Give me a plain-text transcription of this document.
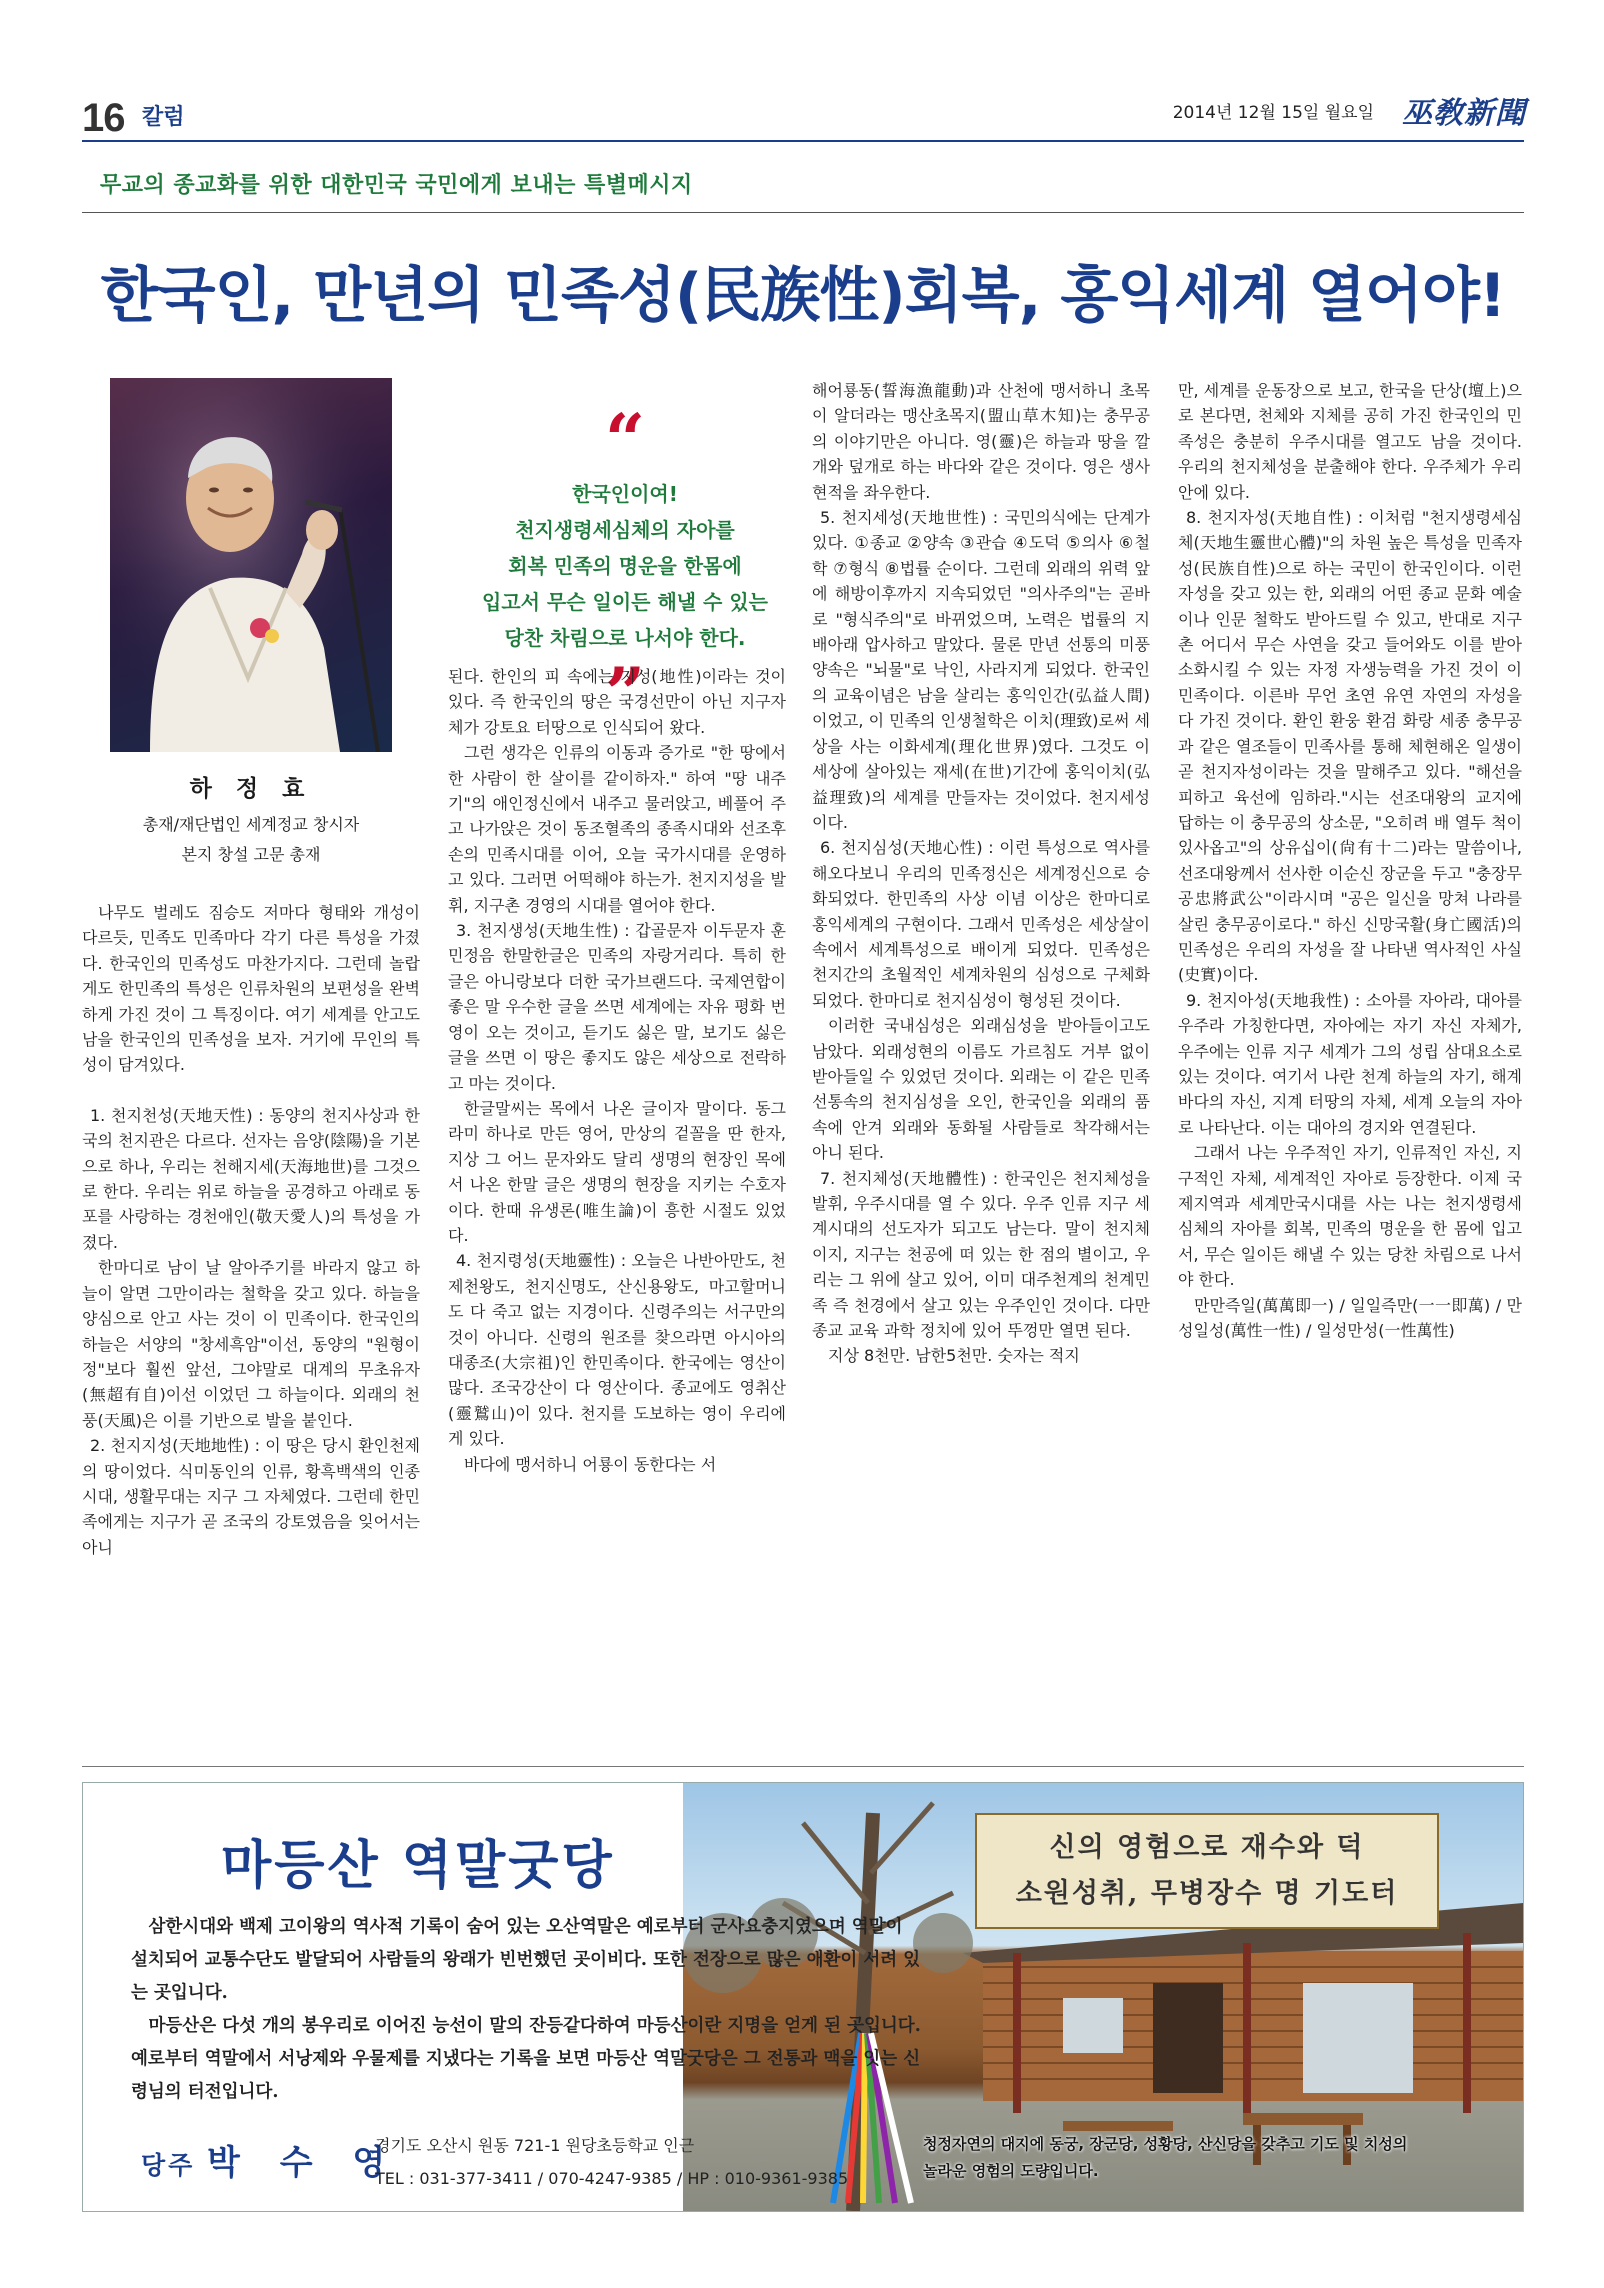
16 칼럼	2014년 12월 15일 월요일 巫敎新聞
무교의 종교화를 위한 대한민국 국민에게 보내는 특별메시지
한국인, 만년의 민족성(民族性)회복, 홍익세계 열어야!
하 정 효
총재/재단법인 세계정교 창시자
본지 창설 고문 총재
“
한국인이여!
천지생령세심체의 자아를
회복 민족의 명운을 한몸에
입고서 무슨 일이든 해낼 수 있는
당찬 차림으로 나서야 한다.
”

나무도 벌레도 짐승도 저마다 형태와 개성이 다르듯, 민족도 민족마다 각기 다른 특성을 가졌다. 한국인의 민족성도 마찬가지다. 그런데 놀랍게도 한민족의 특성은 인류차원의 보편성을 완벽하게 가진 것이 그 특징이다. 여기 세계를 안고도 남을 한국인의 민족성을 보자. 거기에 무인의 특성이 담겨있다.

1. 천지천성(天地天性) : 동양의 천지사상과 한국의 천지관은 다르다. 선자는 음양(陰陽)을 기본으로 하나, 우리는 천해지세(天海地世)를 그것으로 한다. 우리는 위로 하늘을 공경하고 아래로 동포를 사랑하는 경천애인(敬天愛人)의 특성을 가졌다.

한마디로 남이 날 알아주기를 바라지 않고 하늘이 알면 그만이라는 철학을 갖고 있다. 하늘을 양심으로 안고 사는 것이 이 민족이다. 한국인의 하늘은 서양의 "창세흑암"이선, 동양의 "원형이정"보다 훨씬 앞선, 그야말로 대계의 무초유자(無超有自)이선 이었던 그 하늘이다. 외래의 천풍(天風)은 이를 기반으로 발을 붙인다.

2. 천지지성(天地地性) : 이 땅은 당시 환인천제의 땅이었다. 식미동인의 인류, 황흑백색의 인종시대, 생활무대는 지구 그 자체였다. 그런데 한민족에게는 지구가 곧 조국의 강토였음을 잊어서는 아니

된다. 한인의 피 속에는 지성(地性)이라는 것이 있다. 즉 한국인의 땅은 국경선만이 아닌 지구자체가 강토요 터땅으로 인식되어 왔다.

그런 생각은 인류의 이동과 증가로 "한 땅에서 한 사람이 한 살이를 같이하자." 하여 "땅 내주기"의 애인정신에서 내주고 물러앉고, 베풀어 주고 나가앉은 것이 동조혈족의 종족시대와 선조후손의 민족시대를 이어, 오늘 국가시대를 운영하고 있다. 그러면 어떡해야 하는가. 천지지성을 발휘, 지구촌 경영의 시대를 열어야 한다.

3. 천지생성(天地生性) : 갑골문자 이두문자 훈민정음 한말한글은 민족의 자랑거리다. 특히 한글은 아니랑보다 더한 국가브랜드다. 국제연합이 좋은 말 우수한 글을 쓰면 세계에는 자유 평화 번영이 오는 것이고, 듣기도 싫은 말, 보기도 싫은 글을 쓰면 이 땅은 좋지도 않은 세상으로 전락하고 마는 것이다.

한글말씨는 목에서 나온 글이자 말이다. 동그라미 하나로 만든 영어, 만상의 겉꼴을 딴 한자, 지상 그 어느 문자와도 달리 생명의 현장인 목에서 나온 한말 글은 생명의 현장을 지키는 수호자이다. 한때 유생론(唯生論)이 흥한 시절도 있었다.

4. 천지령성(天地靈性) : 오늘은 나반아만도, 천제천왕도, 천지신명도, 산신용왕도, 마고할머니도 다 죽고 없는 지경이다. 신령주의는 서구만의 것이 아니다. 신령의 원조를 찾으라면 아시아의 대종조(大宗祖)인 한민족이다. 한국에는 영산이 많다. 조국강산이 다 영산이다. 종교에도 영취산(靈鷲山)이 있다. 천지를 도보하는 영이 우리에게 있다.

바다에 맹서하니 어룡이 동한다는 서

해어룡동(誓海漁龍動)과 산천에 맹서하니 초목이 알더라는 맹산초목지(盟山草木知)는 충무공의 이야기만은 아니다. 영(靈)은 하늘과 땅을 깔개와 덮개로 하는 바다와 같은 것이다. 영은 생사현적을 좌우한다.

5. 천지세성(天地世性) : 국민의식에는 단계가 있다. ①종교 ②양속 ③관습 ④도덕 ⑤의사 ⑥철학 ⑦형식 ⑧법률 순이다. 그런데 외래의 위력 앞에 해방이후까지 지속되었던 "의사주의"는 곧바로 "형식주의"로 바뀌었으며, 노력은 법률의 지배아래 압사하고 말았다. 물론 만년 선통의 미풍양속은 "뇌물"로 낙인, 사라지게 되었다. 한국인의 교육이념은 남을 살리는 홍익인간(弘益人間)이었고, 이 민족의 인생철학은 이치(理致)로써 세상을 사는 이화세계(理化世界)였다. 그것도 이 세상에 살아있는 재세(在世)기간에 홍익이치(弘益理致)의 세계를 만들자는 것이었다. 천지세성이다.

6. 천지심성(天地心性) : 이런 특성으로 역사를 해오다보니 우리의 민족정신은 세계정신으로 승화되었다. 한민족의 사상 이념 이상은 한마디로 홍익세계의 구현이다. 그래서 민족성은 세상살이 속에서 세계특성으로 배이게 되었다. 민족성은 천지간의 초월적인 세계차원의 심성으로 구체화되었다. 한마디로 천지심성이 형성된 것이다.

이러한 국내심성은 외래심성을 받아들이고도 남았다. 외래성현의 이름도 가르침도 거부 없이 받아들일 수 있었던 것이다. 외래는 이 같은 민족선통속의 천지심성을 오인, 한국인을 외래의 품속에 안겨 외래와 동화될 사람들로 착각해서는 아니 된다.

7. 천지체성(天地體性) : 한국인은 천지체성을 발휘, 우주시대를 열 수 있다. 우주 인류 지구 세계시대의 선도자가 되고도 남는다. 말이 천지체이지, 지구는 천공에 떠 있는 한 점의 별이고, 우리는 그 위에 살고 있어, 이미 대주천계의 천계민족 즉 천경에서 살고 있는 우주인인 것이다. 다만 종교 교육 과학 정치에 있어 뚜껑만 열면 된다.

지상 8천만. 남한5천만. 숫자는 적지

만, 세계를 운동장으로 보고, 한국을 단상(壇上)으로 본다면, 천체와 지체를 공히 가진 한국인의 민족성은 충분히 우주시대를 열고도 남을 것이다. 우리의 천지체성을 분출해야 한다. 우주체가 우리 안에 있다.

8. 천지자성(天地自性) : 이처럼 "천지생령세심체(天地生靈世心體)"의 차원 높은 특성을 민족자성(民族自性)으로 하는 국민이 한국인이다. 이런 자성을 갖고 있는 한, 외래의 어떤 종교 문화 예술이나 인문 철학도 받아드릴 수 있고, 반대로 지구촌 어디서 무슨 사연을 갖고 들어와도 이를 받아 소화시킬 수 있는 자정 자생능력을 가진 것이 이 민족이다. 이른바 무언 초연 유연 자연의 자성을 다 가진 것이다. 환인 환웅 환검 화랑 세종 충무공과 같은 열조들이 민족사를 통해 체현해온 일생이 곧 천지자성이라는 것을 말해주고 있다. "해선을 피하고 육선에 임하라."시는 선조대왕의 교지에 답하는 이 충무공의 상소문, "오히려 배 열두 척이 있사옵고"의 상유십이(尙有十二)라는 말씀이나, 선조대왕께서 선사한 이순신 장군을 두고 "충장무공忠將武公"이라시며 "공은 일신을 망쳐 나라를 살린 충무공이로다." 하신 신망국활(身亡國活)의 민족성은 우리의 자성을 잘 나타낸 역사적인 사실(史實)이다.

9. 천지아성(天地我性) : 소아를 자아라, 대아를 우주라 가칭한다면, 자아에는 자기 자신 자체가, 우주에는 인류 지구 세계가 그의 성립 삼대요소로 있는 것이다. 여기서 나란 천계 하늘의 자기, 해계 바다의 자신, 지계 터땅의 자체, 세계 오늘의 자아로 나타난다. 이는 대아의 경지와 연결된다.

그래서 나는 우주적인 자기, 인류적인 자신, 지구적인 자체, 세계적인 자아로 등장한다. 이제 국제지역과 세계만국시대를 사는 나는 천지생령세심체의 자아를 회복, 민족의 명운을 한 몸에 입고서, 무슨 일이든 해낼 수 있는 당찬 차림으로 나서야 한다.

만만즉일(萬萬即一) / 일일즉만(一一即萬) / 만성일성(萬性一性) / 일성만성(一性萬性)

마등산 역말굿당	신의 영험으로 재수와 덕
소원성취, 무병장수 명 기도터

삼한시대와 백제 고이왕의 역사적 기록이 숨어 있는 오산역말은 예로부터 군사요충지였으며 역말이 설치되어 교통수단도 발달되어 사람들의 왕래가 빈번했던 곳이비다. 또한 전장으로 많은 애환이 서려 있는 곳입니다.

마등산은 다섯 개의 봉우리로 이어진 능선이 말의 잔등같다하여 마등산이란 지명을 얻게 된 곳입니다. 예로부터 역말에서 서낭제와 우물제를 지냈다는 기록을 보면 마등산 역말굿당은 그 전통과 맥을 잇는 신령님의 터전입니다.

당주 박 수 영
경기도 오산시 원동 721-1 원당초등학교 인근
TEL : 031-377-3411 / 070-4247-9385 / HP : 010-9361-9385
청정자연의 대지에 동궁, 장군당, 성황당, 산신당을 갖추고 기도 및 치성의
놀라운 영험의 도량입니다.
